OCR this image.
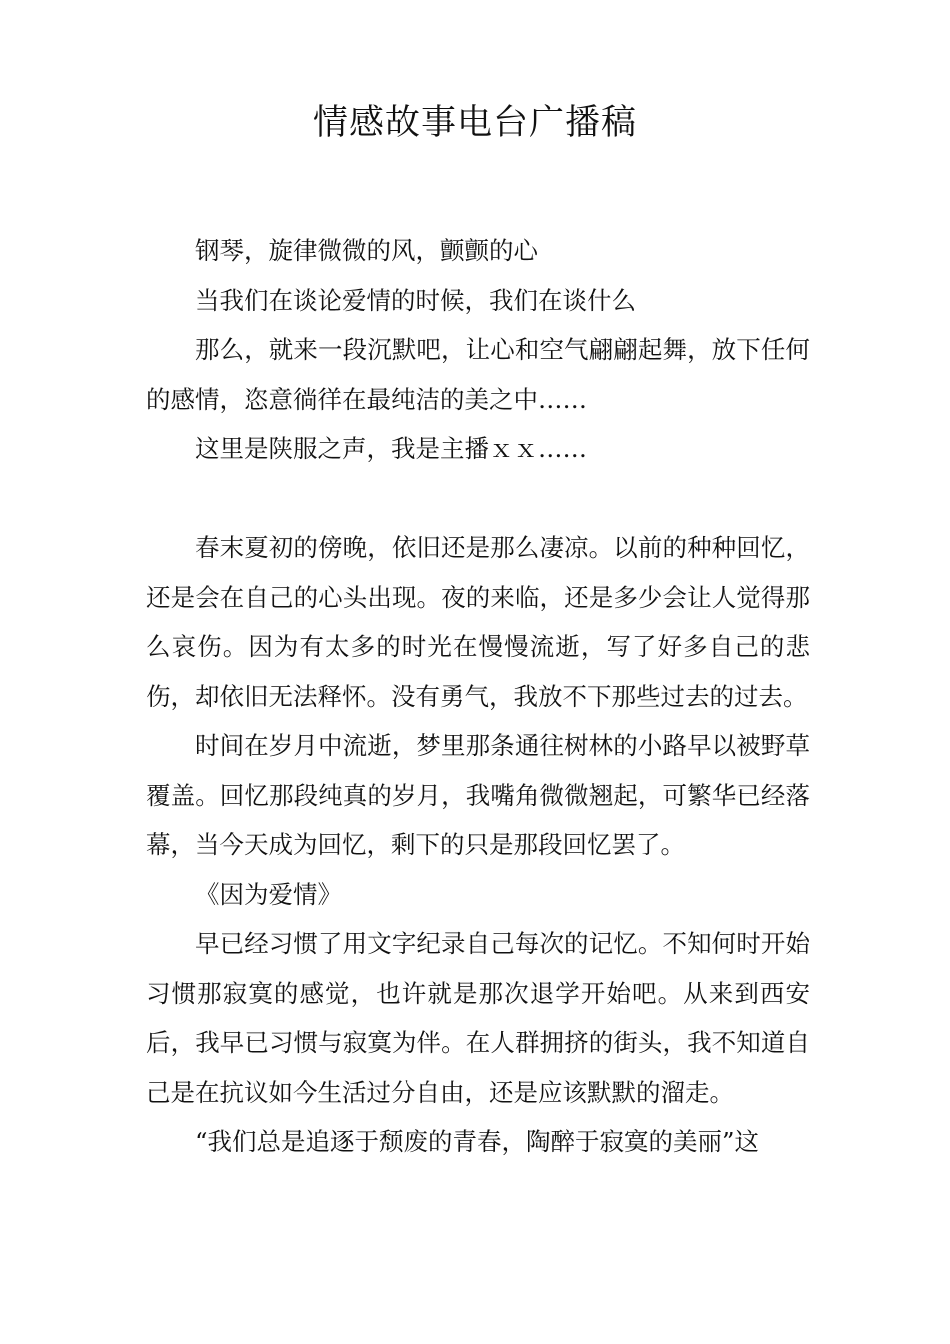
情感故事电台广播稿

钢琴，旋律微微的风，颤颤的心

当我们在谈论爱情的时候，我们在谈什么

那么，就来一段沉默吧，让心和空气翩翩起舞，放下任何的感情，恣意徜徉在最纯洁的美之中……

这里是陕服之声，我是主播ｘｘ……

春末夏初的傍晚，依旧还是那么凄凉。以前的种种回忆，还是会在自己的心头出现。夜的来临，还是多少会让人觉得那么哀伤。因为有太多的时光在慢慢流逝，写了好多自己的悲伤，却依旧无法释怀。没有勇气，我放不下那些过去的过去。

时间在岁月中流逝，梦里那条通往树林的小路早以被野草覆盖。回忆那段纯真的岁月，我嘴角微微翘起，可繁华已经落幕，当今天成为回忆，剩下的只是那段回忆罢了。

《因为爱情》

早已经习惯了用文字纪录自己每次的记忆。不知何时开始习惯那寂寞的感觉，也许就是那次退学开始吧。从来到西安后，我早已习惯与寂寞为伴。在人群拥挤的街头，我不知道自己是在抗议如今生活过分自由，还是应该默默的溜走。

“我们总是追逐于颓废的青春，陶醉于寂寞的美丽”这
